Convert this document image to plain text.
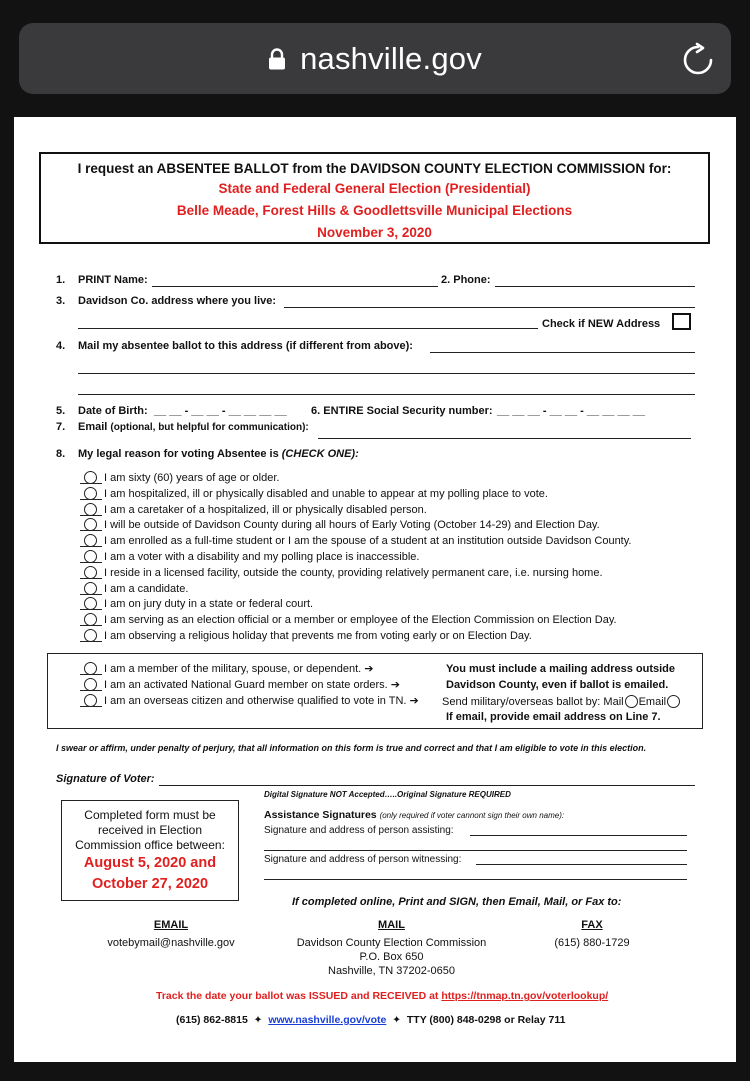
nashville.gov
I request an ABSENTEE BALLOT from the DAVIDSON COUNTY ELECTION COMMISSION for:
State and Federal General Election (Presidential)
Belle Meade, Forest Hills & Goodlettsville Municipal Elections
November 3, 2020
1. PRINT Name:	2. Phone:
3. Davidson Co. address where you live:
Check if NEW Address
4. Mail my absentee ballot to this address (if different from above):
5. Date of Birth: __ __ - __ __ - __ __ __ __ 6. ENTIRE Social Security number: __ __ __ - __ __ - __ __ __ __
7. Email (optional, but helpful for communication):
8. My legal reason for voting Absentee is (CHECK ONE):
I am sixty (60) years of age or older.
I am hospitalized, ill or physically disabled and unable to appear at my polling place to vote.
I am a caretaker of a hospitalized, ill or physically disabled person.
I will be outside of Davidson County during all hours of Early Voting (October 14-29) and Election Day.
I am enrolled as a full-time student or I am the spouse of a student at an institution outside Davidson County.
I am a voter with a disability and my polling place is inaccessible.
I reside in a licensed facility, outside the county, providing relatively permanent care, i.e. nursing home.
I am a candidate.
I am on jury duty in a state or federal court.
I am serving as an election official or a member or employee of the Election Commission on Election Day.
I am observing a religious holiday that prevents me from voting early or on Election Day.
I am a member of the military, spouse, or dependent. ➔
I am an activated National Guard member on state orders. ➔
I am an overseas citizen and otherwise qualified to vote in TN. ➔
You must include a mailing address outside
Davidson County, even if ballot is emailed.
Send military/overseas ballot by: Mail Email
If email, provide email address on Line 7.
I swear or affirm, under penalty of perjury, that all information on this form is true and correct and that I am eligible to vote in this election.
Signature of Voter:
Digital Signature NOT Accepted…..Original Signature REQUIRED
Completed form must be
received in Election
Commission office between:
August 5, 2020 and
October 27, 2020
Assistance Signatures (only required if voter cannont sign their own name):
Signature and address of person assisting:
Signature and address of person witnessing:
If completed online, Print and SIGN, then Email, Mail, or Fax to:
EMAIL
votebymail@nashville.gov
MAIL
Davidson County Election Commission
P.O. Box 650
Nashville, TN 37202-0650
FAX
(615) 880-1729
Track the date your ballot was ISSUED and RECEIVED at https://tnmap.tn.gov/voterlookup/
(615) 862-8815 ✦ www.nashville.gov/vote ✦ TTY (800) 848-0298 or Relay 711
